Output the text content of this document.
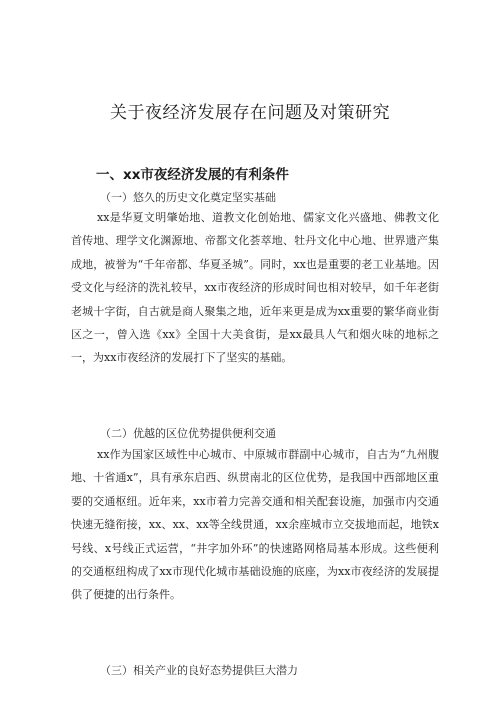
关于夜经济发展存在问题及对策研究
一、xx市夜经济发展的有利条件
（一）悠久的历史文化奠定坚实基础

xx是华夏文明肇始地、道教文化创始地、儒家文化兴盛地、佛教文化首传地、理学文化渊源地、帝都文化荟萃地、牡丹文化中心地、世界遗产集成地，被誉为“千年帝都、华夏圣城”。同时，xx也是重要的老工业基地。因受文化与经济的洗礼较早，xx市夜经济的形成时间也相对较早，如千年老街老城十字街，自古就是商人聚集之地，近年来更是成为xx重要的繁华商业街区之一，曾入选《xx》全国十大美食街，是xx最具人气和烟火味的地标之一，为xx市夜经济的发展打下了坚实的基础。

（二）优越的区位优势提供便利交通

xx作为国家区域性中心城市、中原城市群副中心城市，自古为“九州腹地、十省通x”，具有承东启西、纵贯南北的区位优势，是我国中西部地区重要的交通枢纽。近年来，xx市着力完善交通和相关配套设施，加强市内交通快速无缝衔接，xx、xx、xx等全线贯通，xx余座城市立交拔地而起，地铁x号线、x号线正式运营，“井字加外环”的快速路网格局基本形成。这些便利的交通枢纽构成了xx市现代化城市基础设施的底座，为xx市夜经济的发展提供了便捷的出行条件。

（三）相关产业的良好态势提供巨大潜力
